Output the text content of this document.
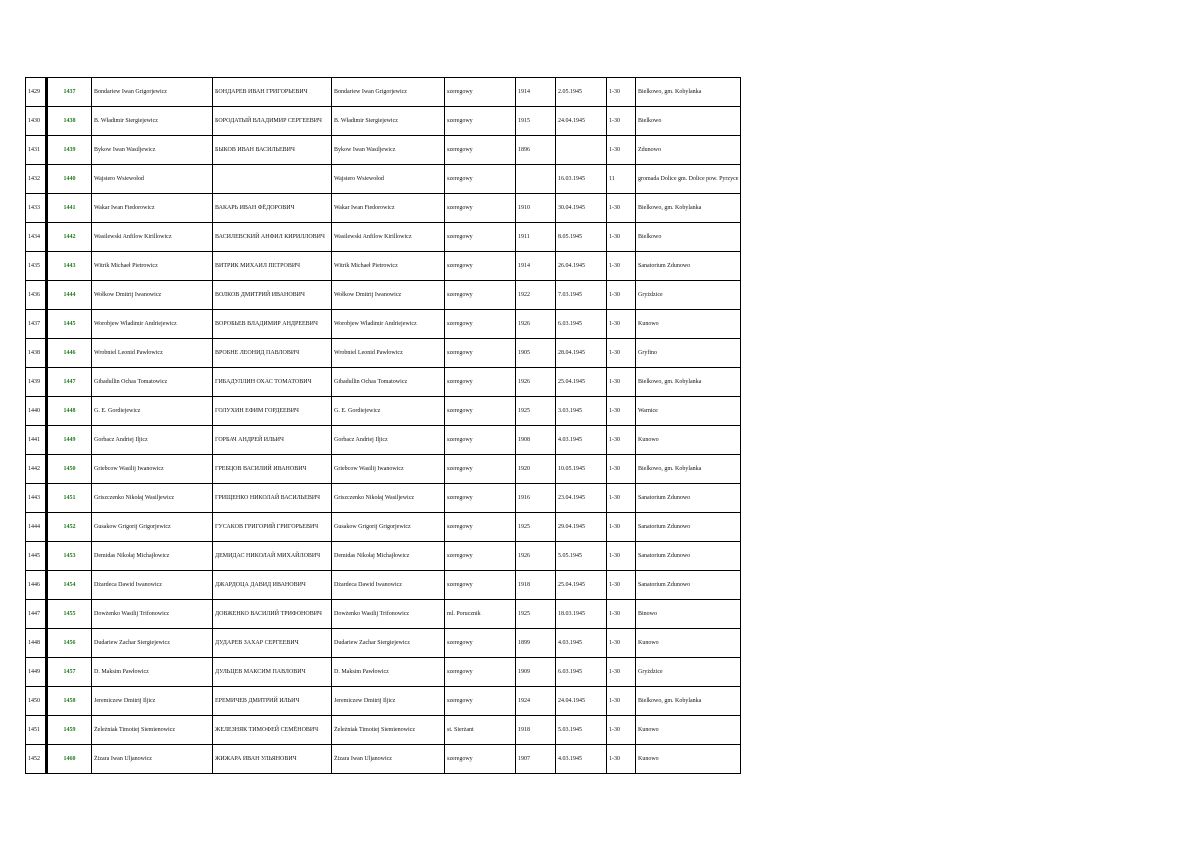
1429	1437	Bondariew Iwan Grigorjewicz	БОНДАРЕВ ИВАН ГРИГОРЬЕВИЧ	Bondariew Iwan Grigorjewicz	szeregowy	1914	2.05.1945	1-30	Bielkowo, gm. Kobylanka
1430	1438	B. Władimir Siergiejewicz	БОРОДАТЫЙ ВЛАДИМИР СЕРГЕЕВИЧ	B. Władimir Siergiejewicz	szeregowy	1915	24.04.1945	1-30	Bielkowo
1431	1439	Bykow Iwan Wasiljewicz	БЫКОВ ИВАН ВАСИЛЬЕВИЧ	Bykow Iwan Wasiljewicz	szeregowy	1896		1-30	Zdunowo
1432	1440	Wajsiero Wsiewołod		Wajsiero Wsiewołod	szeregowy		16.03.1945	11	gromada Dolice gm. Dolice pow. Pyrzyce
1433	1441	Wakar Iwan Fiedorowicz	ВАКАРЬ ИВАН ФЁДОРОВИЧ	Wakar Iwan Fiedorowicz	szeregowy	1910	30.04.1945	1-30	Bielkowo, gm. Kobylanka
1434	1442	Wasilewski Anfilow Kirillowicz	ВАСИЛЕВСКИЙ АНФИЛ КИРИЛЛОВИЧ	Wasilewski Anfilow Kirillowicz	szeregowy	1911	8.05.1945	1-30	Bielkowo
1435	1443	Witrik Michaeł Pietrowicz	ВИТРИК МИХАИЛ ПЕТРОВИЧ	Witrik Michaeł Pietrowicz	szeregowy	1914	26.04.1945	1-30	Sanatorium Zdunowo
1436	1444	Wołkow Dmitrij Iwanowicz	ВОЛКОВ ДМИТРИЙ ИВАНОВИЧ	Wołkow Dmitrij Iwanowicz	szeregowy	1922	7.03.1945	1-30	Gryżdzice
1437	1445	Worobjew Władimir Andriejewicz	ВОРОБЬЕВ ВЛАДИМИР АНДРЕЕВИЧ	Worobjew Władimir Andriejewicz	szeregowy	1926	6.03.1945	1-30	Kunowo
1438	1446	Wrobniel Leonid Pawłowicz	ВРОБНЕ ЛЕОНИД ПАВЛОВИЧ	Wrobniel Leonid Pawłowicz	szeregowy	1905	28.04.1945	1-30	Gryfino
1439	1447	Gibadullin Ochas Tomatowicz	ГИБАДУЛЛИН ОХАС ТОМАТОВИЧ	Gibadullin Ochas Tomatowicz	szeregowy	1926	25.04.1945	1-30	Bielkowo, gm. Kobylanka
1440	1448	G. E. Gordiejewicz	ГОЛУХИН ЕФИМ ГОРДЕЕВИЧ	G. E. Gordiejewicz	szeregowy	1925	3.03.1945	1-30	Warnice
1441	1449	Gorbacz Andriej Iljicz	ГОРБАЧ АНДРЕЙ ИЛЬИЧ	Gorbacz Andriej Iljicz	szeregowy	1908	4.03.1945	1-30	Kunowo
1442	1450	Griebcow Wasilij Iwanowicz	ГРЕБЦОВ ВАСИЛИЙ ИВАНОВИЧ	Griebcow Wasilij Iwanowicz	szeregowy	1920	10.05.1945	1-30	Bielkowo, gm. Kobylanka
1443	1451	Griszczenko Nikołaj Wasiljewicz	ГРИЩЕНКО НИКОЛАЙ ВАСИЛЬЕВИЧ	Griszczenko Nikołaj Wasiljewicz	szeregowy	1916	23.04.1945	1-30	Sanatorium Zdunowo
1444	1452	Gusakow Grigorij Grigorjewicz	ГУСАКОВ ГРИГОРИЙ ГРИГОРЬЕВИЧ	Gusakow Grigorij Grigorjewicz	szeregowy	1925	29.04.1945	1-30	Sanatorium Zdunowo
1445	1453	Demidas Nikołaj Michajłowicz	ДЕМИДАС НИКОЛАЙ МИХАЙЛОВИЧ	Demidas Nikołaj Michajłowicz	szeregowy	1926	5.05.1945	1-30	Sanatorium Zdunowo
1446	1454	Dżardeca Dawid Iwanowicz	ДЖАРДОЦА ДАВИД ИВАНОВИЧ	Dżardeca Dawid Iwanowicz	szeregowy	1918	25.04.1945	1-30	Sanatorium Zdunowo
1447	1455	Dowżenko Wasilij Trifonowicz	ДОВЖЕНКО ВАСИЛИЙ ТРИФОНОВИЧ	Dowżenko Wasilij Trifonowicz	ml. Porucznik	1925	18.03.1945	1-30	Binowo
1448	1456	Dudariew Zachar Siergiejewicz	ДУДАРЕВ ЗАХАР СЕРГЕЕВИЧ	Dudariew Zachar Siergiejewicz	szeregowy	1899	4.03.1945	1-30	Kunowo
1449	1457	D. Maksim Pawłowicz	ДУЛЬЦЕВ МАКСИМ ПАВЛОВИЧ	D. Maksim Pawłowicz	szeregowy	1909	6.03.1945	1-30	Gryżdzice
1450	1458	Jeremiczew Dmitrij Iljicz	ЕРЕМИЧЕВ ДМИТРИЙ ИЛЬИЧ	Jeremiczew Dmitrij Iljicz	szeregowy	1924	24.04.1945	1-30	Bielkowo, gm. Kobylanka
1451	1459	Żeleżniak Timotiej Siemienowicz	ЖЕЛЕЗНЯК ТИМОФЕЙ СЕМЁНОВИЧ	Żeleżniak Timotiej Siemienowicz	st. Sierżant	1918	5.03.1945	1-30	Kunowo
1452	1460	Żizara Iwan Uljanowicz	ЖИЖАРА ИВАН УЛЬЯНОВИЧ	Żizara Iwan Uljanowicz	szeregowy	1907	4.03.1945	1-30	Kunowo
